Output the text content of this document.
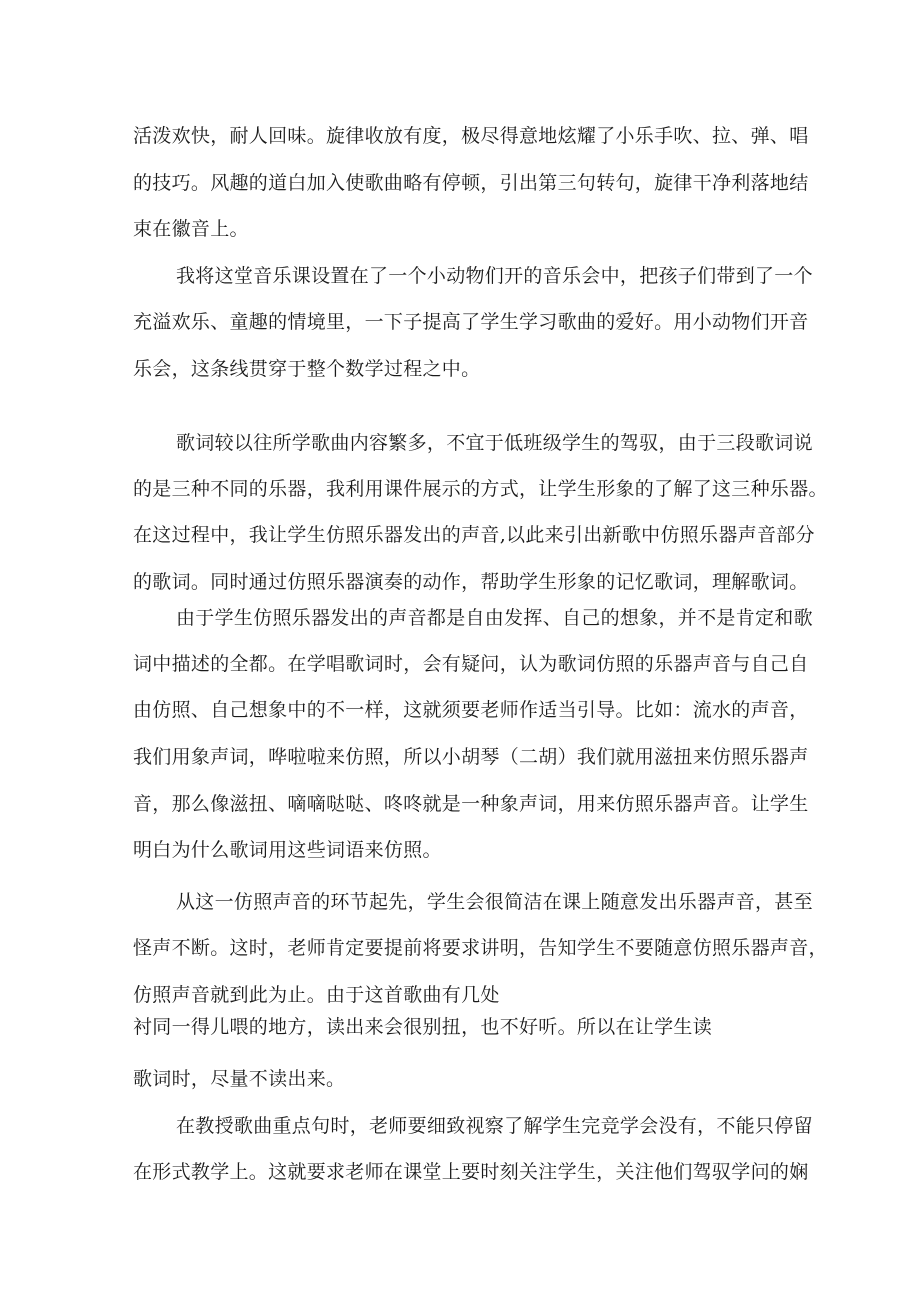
活泼欢快，耐人回味。旋律收放有度，极尽得意地炫耀了小乐手吹、拉、弹、唱
的技巧。风趣的道白加入使歌曲略有停顿，引出第三句转句，旋律干净利落地结
束在徽音上。
我将这堂音乐课设置在了一个小动物们开的音乐会中，把孩子们带到了一个
充溢欢乐、童趣的情境里，一下子提高了学生学习歌曲的爱好。用小动物们开音
乐会，这条线贯穿于整个数学过程之中。
歌词较以往所学歌曲内容繁多，不宜于低班级学生的驾驭，由于三段歌词说
的是三种不同的乐器，我利用课件展示的方式，让学生形象的了解了这三种乐器。
在这过程中，我让学生仿照乐器发出的声音,以此来引出新歌中仿照乐器声音部分
的歌词。同时通过仿照乐器演奏的动作，帮助学生形象的记忆歌词，理解歌词。
由于学生仿照乐器发出的声音都是自由发挥、自己的想象，并不是肯定和歌
词中描述的全都。在学唱歌词时，会有疑问，认为歌词仿照的乐器声音与自己自
由仿照、自己想象中的不一样，这就须要老师作适当引导。比如：流水的声音，
我们用象声词，哗啦啦来仿照，所以小胡琴（二胡）我们就用滋扭来仿照乐器声
音，那么像滋扭、嘀嘀哒哒、咚咚就是一种象声词，用来仿照乐器声音。让学生
明白为什么歌词用这些词语来仿照。
从这一仿照声音的环节起先，学生会很简洁在课上随意发出乐器声音，甚至
怪声不断。这时，老师肯定要提前将要求讲明，告知学生不要随意仿照乐器声音，
仿照声音就到此为止。由于这首歌曲有几处
衬同一得儿喂的地方，读出来会很别扭，也不好听。所以在让学生读
歌词时，尽量不读出来。
在教授歌曲重点句时，老师要细致视察了解学生完竞学会没有，不能只停留
在形式教学上。这就要求老师在课堂上要时刻关注学生，关注他们驾驭学问的娴
